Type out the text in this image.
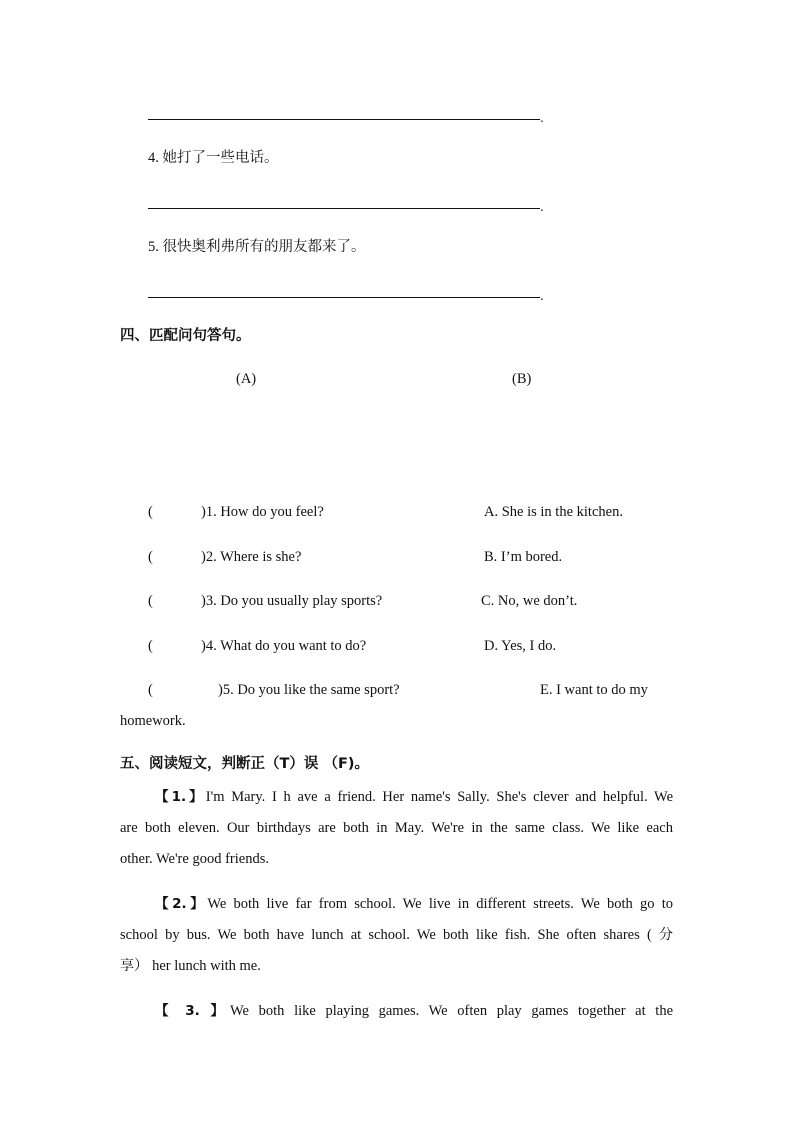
.
4. 她打了一些电话。
.
5. 很快奥利弗所有的朋友都来了。
.
四、匹配问句答句。
(A)	(B)
(	)1. How do you feel?	A. She is in the kitchen.
(	)2. Where is she?	B. I’m bored.
(	)3. Do you usually play sports?	C. No, we don’t.
(	)4. What do you want to do?	D. Yes, I do.
(	)5. Do you like the same sport?	E. I want to do my
homework.
五、阅读短文，判断正（T）误 （F)。
【1.】I'm Mary. I h ave a friend. Her name's Sally. She's clever and helpful. We
are both eleven. Our birthdays are both in May. We're in the same class. We like each
other. We're good friends.
【2.】We both live far from school. We live in different streets. We both go to
school by bus. We both have lunch at school. We both like fish. She often shares ( 分
享） her lunch with me.
【 3. 】We both like playing games. We often play games together at the
